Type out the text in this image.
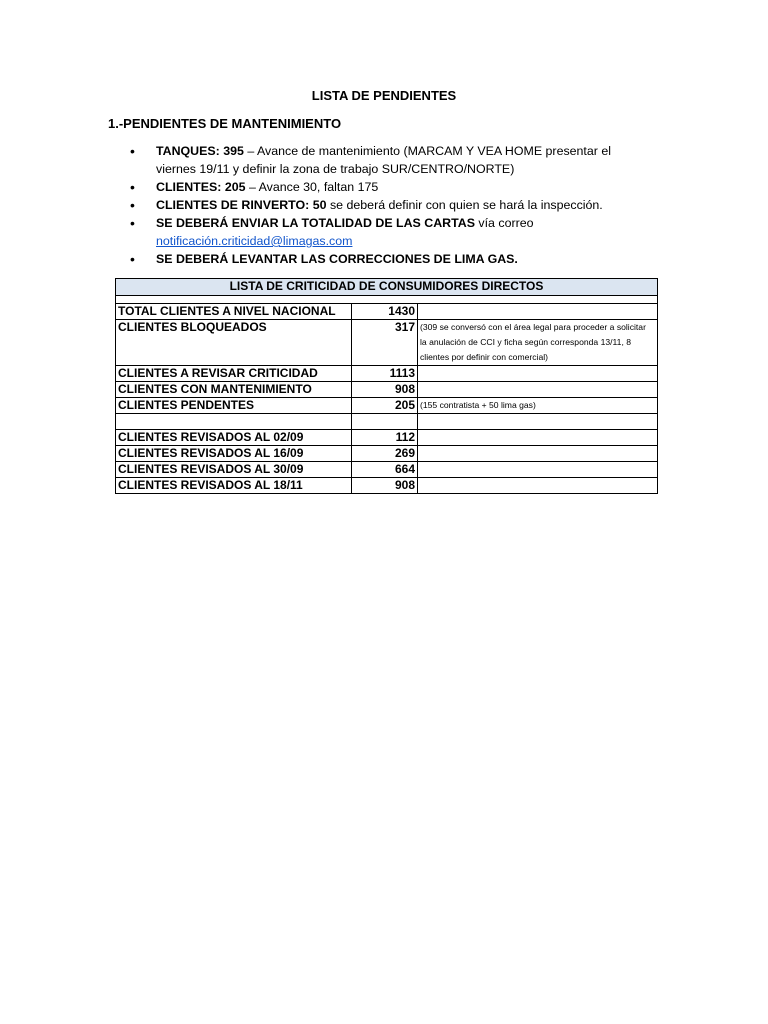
LISTA DE PENDIENTES
1.-PENDIENTES DE MANTENIMIENTO
• TANQUES: 395 – Avance de mantenimiento (MARCAM Y VEA HOME presentar el viernes 19/11 y definir la zona de trabajo SUR/CENTRO/NORTE)
• CLIENTES: 205 – Avance 30, faltan 175
• CLIENTES DE RINVERTO: 50 se deberá definir con quien se hará la inspección.
• SE DEBERÁ ENVIAR LA TOTALIDAD DE LAS CARTAS vía correo
notificación.criticidad@limagas.com
• SE DEBERÁ LEVANTAR LAS CORRECCIONES DE LIMA GAS.
LISTA DE CRITICIDAD DE CONSUMIDORES DIRECTOS		

TOTAL CLIENTES A NIVEL NACIONAL	1430	
CLIENTES BLOQUEADOS	317	(309 se conversó con el área legal para proceder a solicitar la anulación de CCI y ficha según corresponda 13/11, 8 clientes por definir con comercial)
CLIENTES A REVISAR CRITICIDAD	1113	
CLIENTES CON MANTENIMIENTO	908	
CLIENTES PENDENTES	205	(155 contratista + 50 lima gas)

CLIENTES REVISADOS AL 02/09	112	
CLIENTES REVISADOS AL 16/09	269	
CLIENTES REVISADOS AL 30/09	664	
CLIENTES REVISADOS AL 18/11	908	
